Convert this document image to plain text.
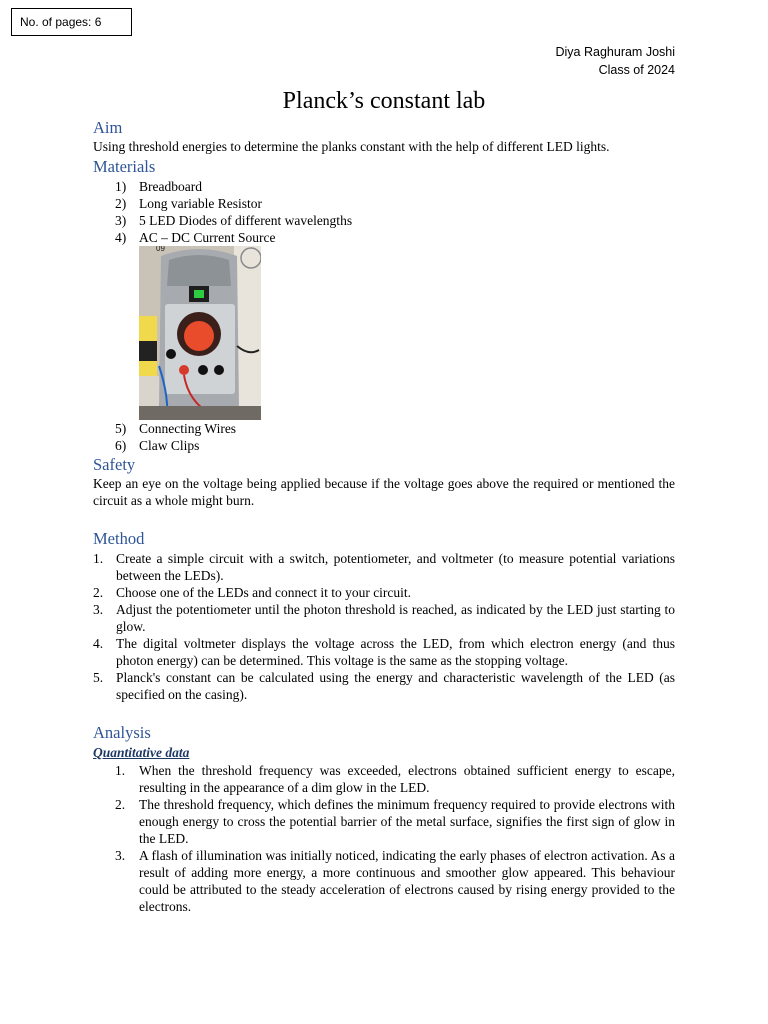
No. of pages: 6
Diya Raghuram Joshi
Class of 2024
Planck’s constant lab
Aim

Using threshold energies to determine the planks constant with the help of different LED lights.

Materials
1) Breadboard
2) Long variable Resistor
3) 5 LED Diodes of different wavelengths
4) AC – DC Current Source
09
5) Connecting Wires
6) Claw Clips
Safety

Keep an eye on the voltage being applied because if the voltage goes above the required or mentioned the circuit as a whole might burn.

Method
1. Create a simple circuit with a switch, potentiometer, and voltmeter (to measure potential variations between the LEDs).
2. Choose one of the LEDs and connect it to your circuit.
3. Adjust the potentiometer until the photon threshold is reached, as indicated by the LED just starting to glow.
4. The digital voltmeter displays the voltage across the LED, from which electron energy (and thus photon energy) can be determined. This voltage is the same as the stopping voltage.
5. Planck's constant can be calculated using the energy and characteristic wavelength of the LED (as specified on the casing).
Analysis

Quantitative data

1. When the threshold frequency was exceeded, electrons obtained sufficient energy to escape, resulting in the appearance of a dim glow in the LED.
2. The threshold frequency, which defines the minimum frequency required to provide electrons with enough energy to cross the potential barrier of the metal surface, signifies the first sign of glow in the LED.
3. A flash of illumination was initially noticed, indicating the early phases of electron activation. As a result of adding more energy, a more continuous and smoother glow appeared. This behaviour could be attributed to the steady acceleration of electrons caused by rising energy provided to the electrons.
